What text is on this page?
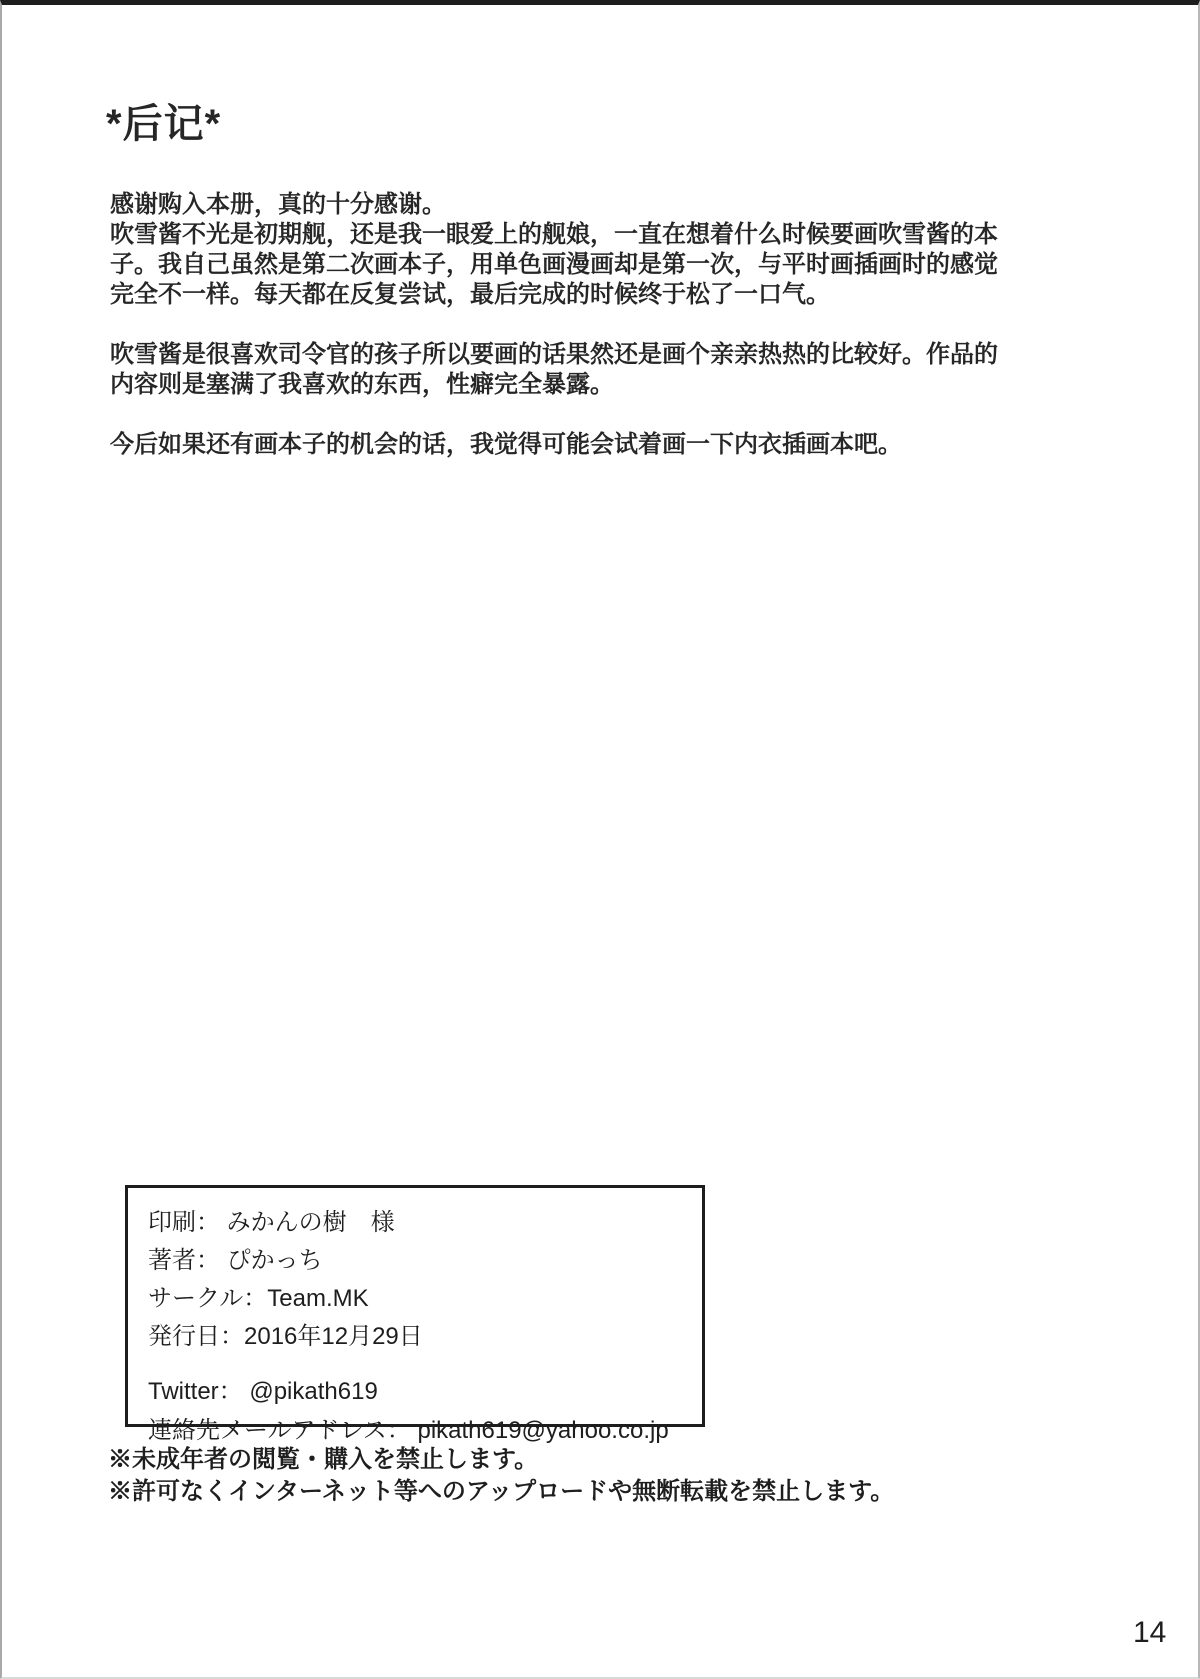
*后记*

感谢购入本册，真的十分感谢。
吹雪酱不光是初期舰，还是我一眼爱上的舰娘，一直在想着什么时候要画吹雪酱的本
子。我自己虽然是第二次画本子，用单色画漫画却是第一次，与平时画插画时的感觉
完全不一样。每天都在反复尝试，最后完成的时候终于松了一口气。

吹雪酱是很喜欢司令官的孩子所以要画的话果然还是画个亲亲热热的比较好。作品的
内容则是塞满了我喜欢的东西，性癖完全暴露。

今后如果还有画本子的机会的话，我觉得可能会试着画一下内衣插画本吧。

印刷： みかんの樹　様
著者： ぴかっち
サークル：Team.MK
発行日：2016年12月29日
Twitter： @pikath619
連絡先メールアドレス： pikath619@yahoo.co.jp
※未成年者の閲覧・購入を禁止します。
※許可なくインターネット等へのアップロードや無断転載を禁止します。
14
